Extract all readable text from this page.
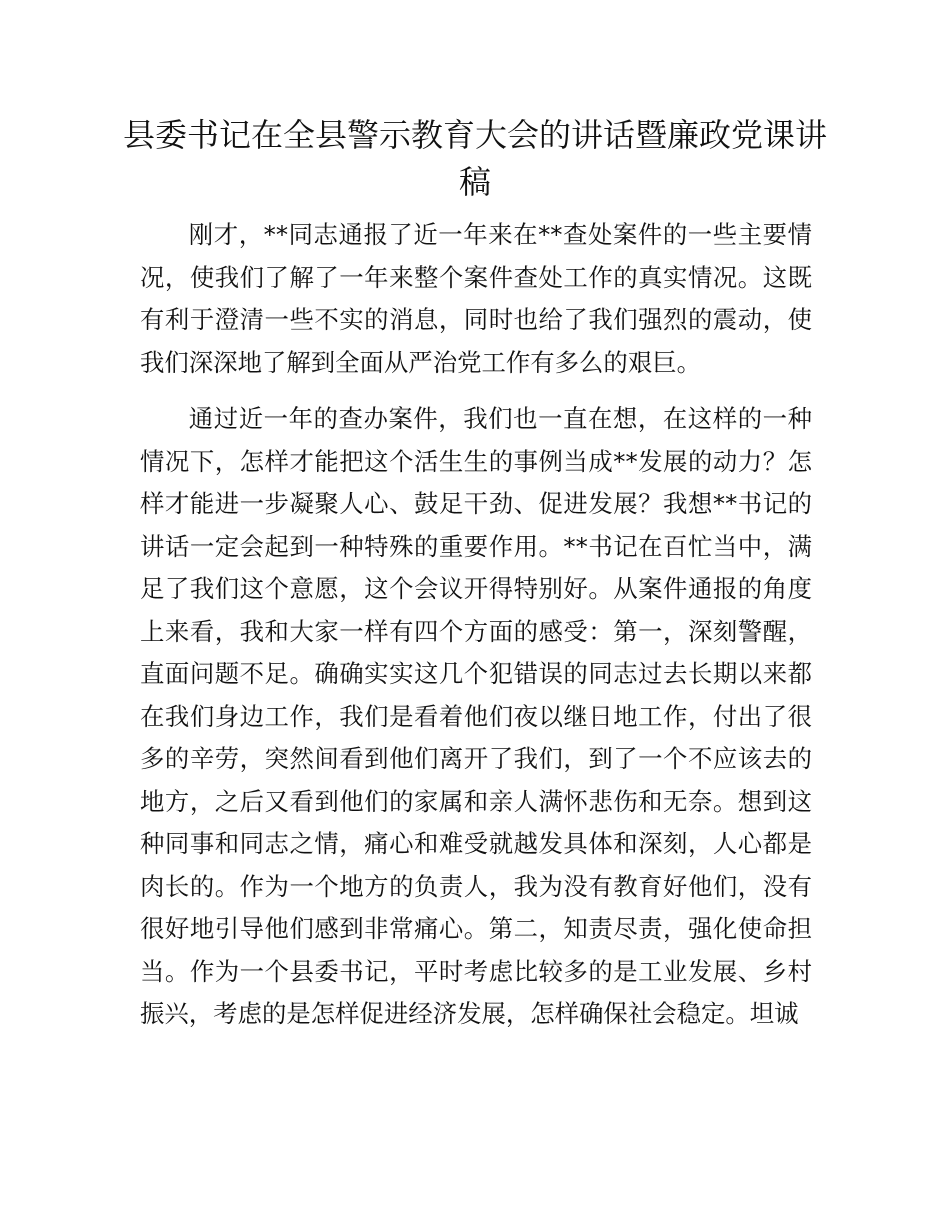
县委书记在全县警示教育大会的讲话暨廉政党课讲稿

刚才，**同志通报了近一年来在**查处案件的一些主要情况，使我们了解了一年来整个案件查处工作的真实情况。这既有利于澄清一些不实的消息，同时也给了我们强烈的震动，使我们深深地了解到全面从严治党工作有多么的艰巨。

通过近一年的查办案件，我们也一直在想，在这样的一种情况下，怎样才能把这个活生生的事例当成**发展的动力？怎样才能进一步凝聚人心、鼓足干劲、促进发展？我想**书记的讲话一定会起到一种特殊的重要作用。**书记在百忙当中，满足了我们这个意愿，这个会议开得特别好。从案件通报的角度上来看，我和大家一样有四个方面的感受：第一，深刻警醒，直面问题不足。确确实实这几个犯错误的同志过去长期以来都在我们身边工作，我们是看着他们夜以继日地工作，付出了很多的辛劳，突然间看到他们离开了我们，到了一个不应该去的地方，之后又看到他们的家属和亲人满怀悲伤和无奈。想到这种同事和同志之情，痛心和难受就越发具体和深刻，人心都是肉长的。作为一个地方的负责人，我为没有教育好他们，没有很好地引导他们感到非常痛心。第二，知责尽责，强化使命担当。作为一个县委书记，平时考虑比较多的是工业发展、乡村振兴，考虑的是怎样促进经济发展，怎样确保社会稳定。坦诚
